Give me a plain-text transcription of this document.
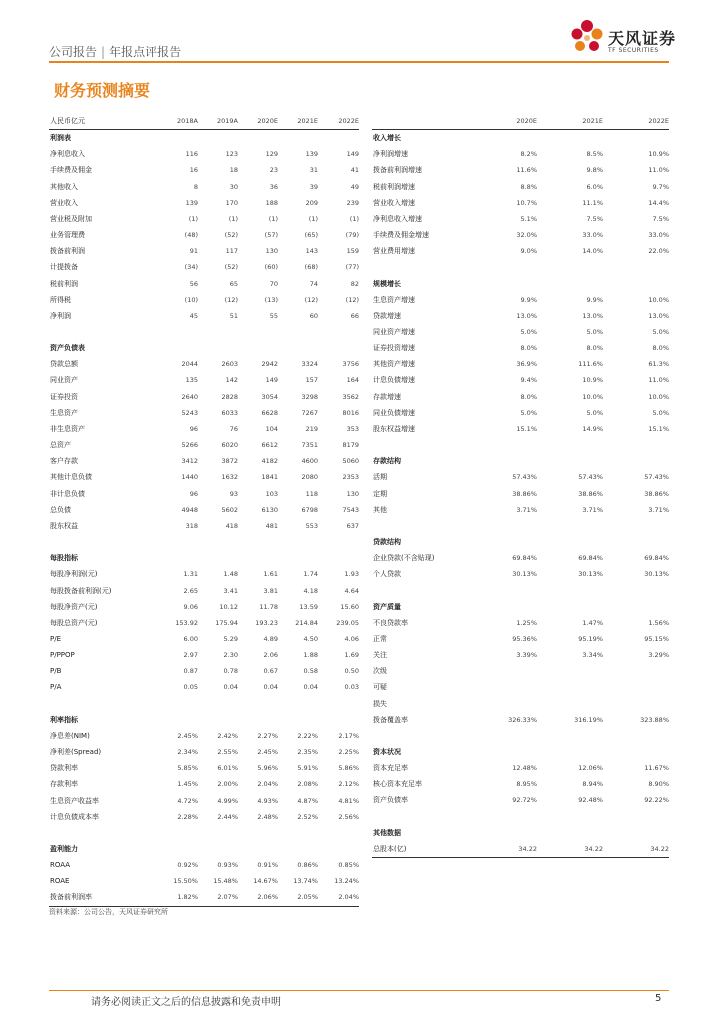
公司报告 | 年报点评报告
天风证券
TF SECURITIES
财务预测摘要
人民币亿元	2018A	2019A	2020E	2021E	2022E
利润表					
净利息收入	116	123	129	139	149
手续费及佣金	16	18	23	31	41
其他收入	8	30	36	39	49
营业收入	139	170	188	209	239
营业税及附加	(1)	(1)	(1)	(1)	(1)
业务管理费	(48)	(52)	(57)	(65)	(79)
拨备前利润	91	117	130	143	159
计提拨备	(34)	(52)	(60)	(68)	(77)
税前利润	56	65	70	74	82
所得税	(10)	(12)	(13)	(12)	(12)
净利润	45	51	55	60	66

资产负债表					
贷款总额	2044	2603	2942	3324	3756
同业资产	135	142	149	157	164
证券投资	2640	2828	3054	3298	3562
生息资产	5243	6033	6628	7267	8016
非生息资产	96	76	104	219	353
总资产	5266	6020	6612	7351	8179
客户存款	3412	3872	4182	4600	5060
其他计息负债	1440	1632	1841	2080	2353
非计息负债	96	93	103	118	130
总负债	4948	5602	6130	6798	7543
股东权益	318	418	481	553	637

每股指标					
每股净利润(元)	1.31	1.48	1.61	1.74	1.93
每股拨备前利润(元)	2.65	3.41	3.81	4.18	4.64
每股净资产(元)	9.06	10.12	11.78	13.59	15.60
每股总资产(元)	153.92	175.94	193.23	214.84	239.05
P/E	6.00	5.29	4.89	4.50	4.06
P/PPOP	2.97	2.30	2.06	1.88	1.69
P/B	0.87	0.78	0.67	0.58	0.50
P/A	0.05	0.04	0.04	0.04	0.03

利率指标					
净息差(NIM)	2.45%	2.42%	2.27%	2.22%	2.17%
净利差(Spread)	2.34%	2.55%	2.45%	2.35%	2.25%
贷款利率	5.85%	6.01%	5.96%	5.91%	5.86%
存款利率	1.45%	2.00%	2.04%	2.08%	2.12%
生息资产收益率	4.72%	4.99%	4.93%	4.87%	4.81%
计息负债成本率	2.28%	2.44%	2.48%	2.52%	2.56%

盈利能力					
ROAA	0.92%	0.93%	0.91%	0.86%	0.85%
ROAE	15.50%	15.48%	14.67%	13.74%	13.24%
拨备前利润率	1.82%	2.07%	2.06%	2.05%	2.04%
	2020E	2021E	2022E
收入增长			
净利润增速	8.2%	8.5%	10.9%
拨备前利润增速	11.6%	9.8%	11.0%
税前利润增速	8.8%	6.0%	9.7%
营业收入增速	10.7%	11.1%	14.4%
净利息收入增速	5.1%	7.5%	7.5%
手续费及佣金增速	32.0%	33.0%	33.0%
营业费用增速	9.0%	14.0%	22.0%

规模增长			
生息资产增速	9.9%	9.9%	10.0%
贷款增速	13.0%	13.0%	13.0%
同业资产增速	5.0%	5.0%	5.0%
证券投资增速	8.0%	8.0%	8.0%
其他资产增速	36.9%	111.6%	61.3%
计息负债增速	9.4%	10.9%	11.0%
存款增速	8.0%	10.0%	10.0%
同业负债增速	5.0%	5.0%	5.0%
股东权益增速	15.1%	14.9%	15.1%

存款结构			
活期	57.43%	57.43%	57.43%
定期	38.86%	38.86%	38.86%
其他	3.71%	3.71%	3.71%

贷款结构			
企业贷款(不含贴现)	69.84%	69.84%	69.84%
个人贷款	30.13%	30.13%	30.13%

资产质量			
不良贷款率	1.25%	1.47%	1.56%
正常	95.36%	95.19%	95.15%
关注	3.39%	3.34%	3.29%
次级			
可疑			
损失			
拨备覆盖率	326.33%	316.19%	323.88%

资本状况			
资本充足率	12.48%	12.06%	11.67%
核心资本充足率	8.95%	8.94%	8.90%
资产负债率	92.72%	92.48%	92.22%

其他数据			
总股本(亿)	34.22	34.22	34.22
资料来源：公司公告，天风证券研究所
请务必阅读正文之后的信息披露和免责申明	5
